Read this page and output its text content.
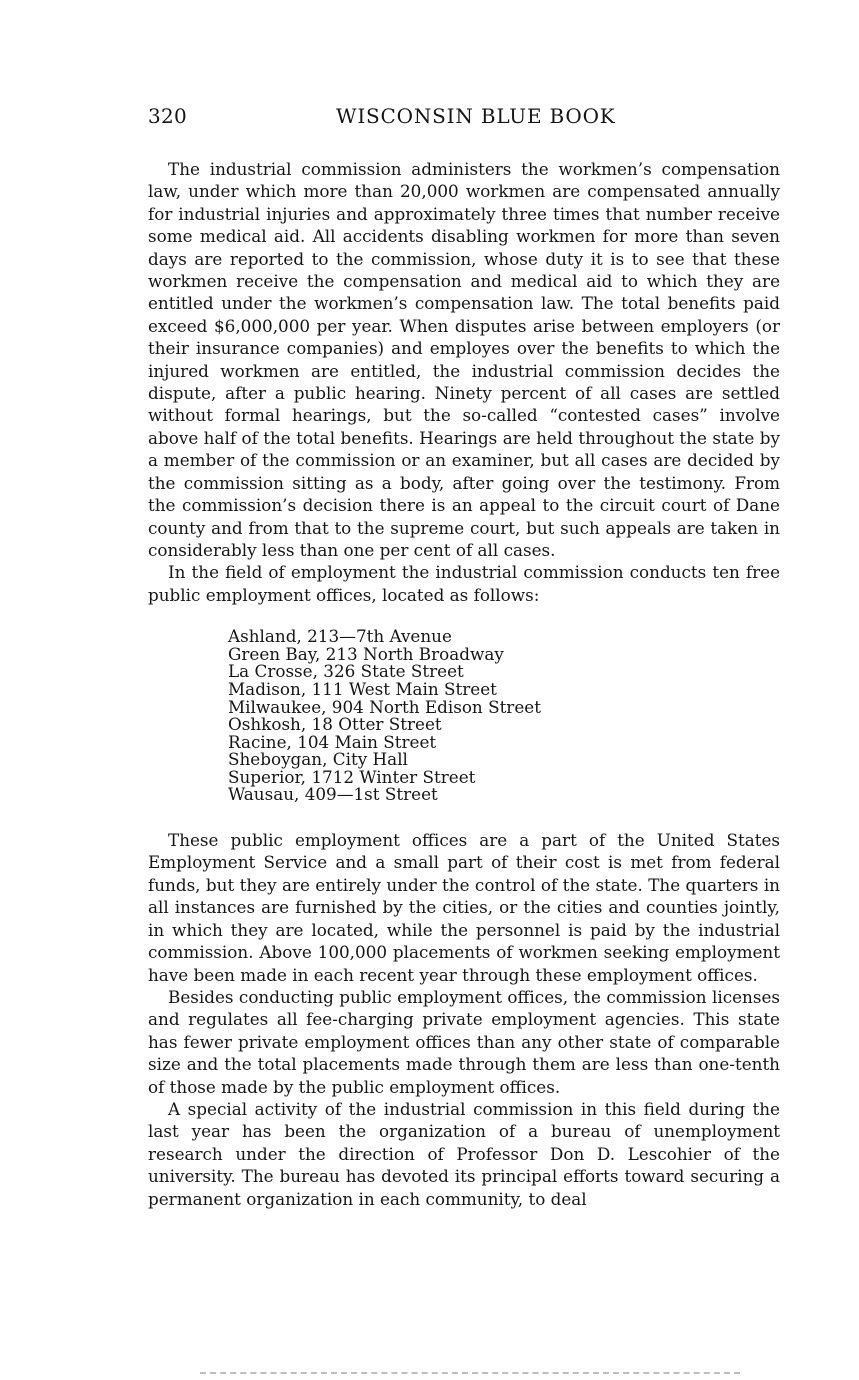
320	WISCONSIN BLUE BOOK

The industrial commission administers the workmen’s compensation law, under which more than 20,000 workmen are compensated annually for industrial injuries and approximately three times that number receive some medical aid. All accidents disabling workmen for more than seven days are reported to the commission, whose duty it is to see that these workmen receive the compensation and medical aid to which they are entitled under the workmen’s compensation law. The total benefits paid exceed $6,000,000 per year. When disputes arise between employers (or their insurance companies) and employes over the benefits to which the injured workmen are entitled, the industrial commission decides the dispute, after a public hearing. Ninety percent of all cases are settled without formal hearings, but the so-called “contested cases” involve above half of the total benefits. Hearings are held throughout the state by a member of the commission or an examiner, but all cases are decided by the commission sitting as a body, after going over the testimony. From the commission’s decision there is an appeal to the circuit court of Dane county and from that to the supreme court, but such appeals are taken in considerably less than one per cent of all cases.

In the field of employment the industrial commission conducts ten free public employment offices, located as follows:

Ashland, 213—7th Avenue
Green Bay, 213 North Broadway
La Crosse, 326 State Street
Madison, 111 West Main Street
Milwaukee, 904 North Edison Street
Oshkosh, 18 Otter Street
Racine, 104 Main Street
Sheboygan, City Hall
Superior, 1712 Winter Street
Wausau, 409—1st Street

These public employment offices are a part of the United States Employment Service and a small part of their cost is met from federal funds, but they are entirely under the control of the state. The quarters in all instances are furnished by the cities, or the cities and counties jointly, in which they are located, while the personnel is paid by the industrial commission. Above 100,000 placements of workmen seeking employment have been made in each recent year through these employment offices.

Besides conducting public employment offices, the commission licenses and regulates all fee-charging private employment agencies. This state has fewer private employment offices than any other state of comparable size and the total placements made through them are less than one-tenth of those made by the public employment offices.

A special activity of the industrial commission in this field during the last year has been the organization of a bureau of unemployment research under the direction of Professor Don D. Lescohier of the university. The bureau has devoted its principal efforts toward securing a permanent organization in each community, to deal
